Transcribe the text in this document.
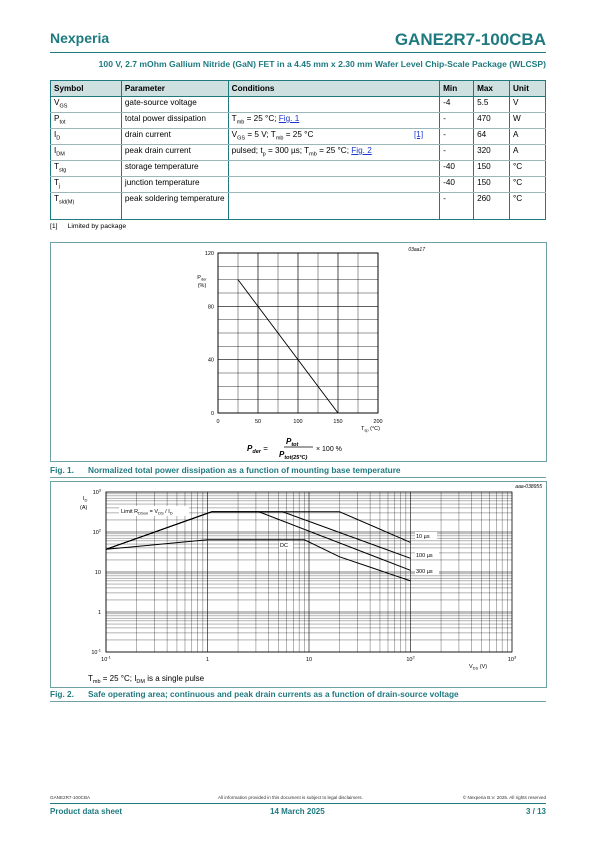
Nexperia	GANE2R7-100CBA
100 V, 2.7 mOhm Gallium Nitride (GaN) FET in a 4.45 mm x 2.30 mm Wafer Level Chip-Scale Package (WLCSP)
Symbol	Parameter	Conditions	Min	Max	Unit
$V_{GS}$	gate-source voltage		-4	5.5	V
$P_{tot}$	total power dissipation	$T_{mb} = 25$ °C; Fig. 1	-	470	W
$I_D$	drain current	$V_{GS} = 5$ V; $T_{mb} = 25$ °C [1]	-	64	A
$I_{DM}$	peak drain current	pulsed; $t_p = 300$ µs; $T_{mb} = 25$ °C; Fig. 2	-	320	A
$T_{stg}$	storage temperature		-40	150	°C
$T_j$	junction temperature		-40	150	°C
$T_{sld(M)}$	peak soldering temperature		-	260	°C
[1] Limited by package
03aa17
0	50	100	150	200
0
40
80
120
$P_{der}$
(%)
$T_{sp}$ (°C)
$P_{der}$ =
$P_{tot}$
$P_{tot(25^\circ C)}$
× 100 %
Fig. 1. Normalized total power dissipation as a function of mounting base temperature
aaa-038955
$10^{-1}$	1	10	$10^2$	$10^3$
$10^3$
$10^2$
10
1
$10^{-1}$
$I_D$
(A)
$V_{DS}$ (V)
Limit $R_{DSon} = V_{DS} / I_D$
DC
10 µs
100 µs
300 µs
$T_{mb} = 25$ °C; $I_{DM}$ is a single pulse
Fig. 2. Safe operating area; continuous and peak drain currents as a function of drain-source voltage
GANE2R7-100CBA	All information provided in this document is subject to legal disclaimers.	© Nexperia B.V. 2025. All rights reserved
Product data sheet	14 March 2025	3 / 13
